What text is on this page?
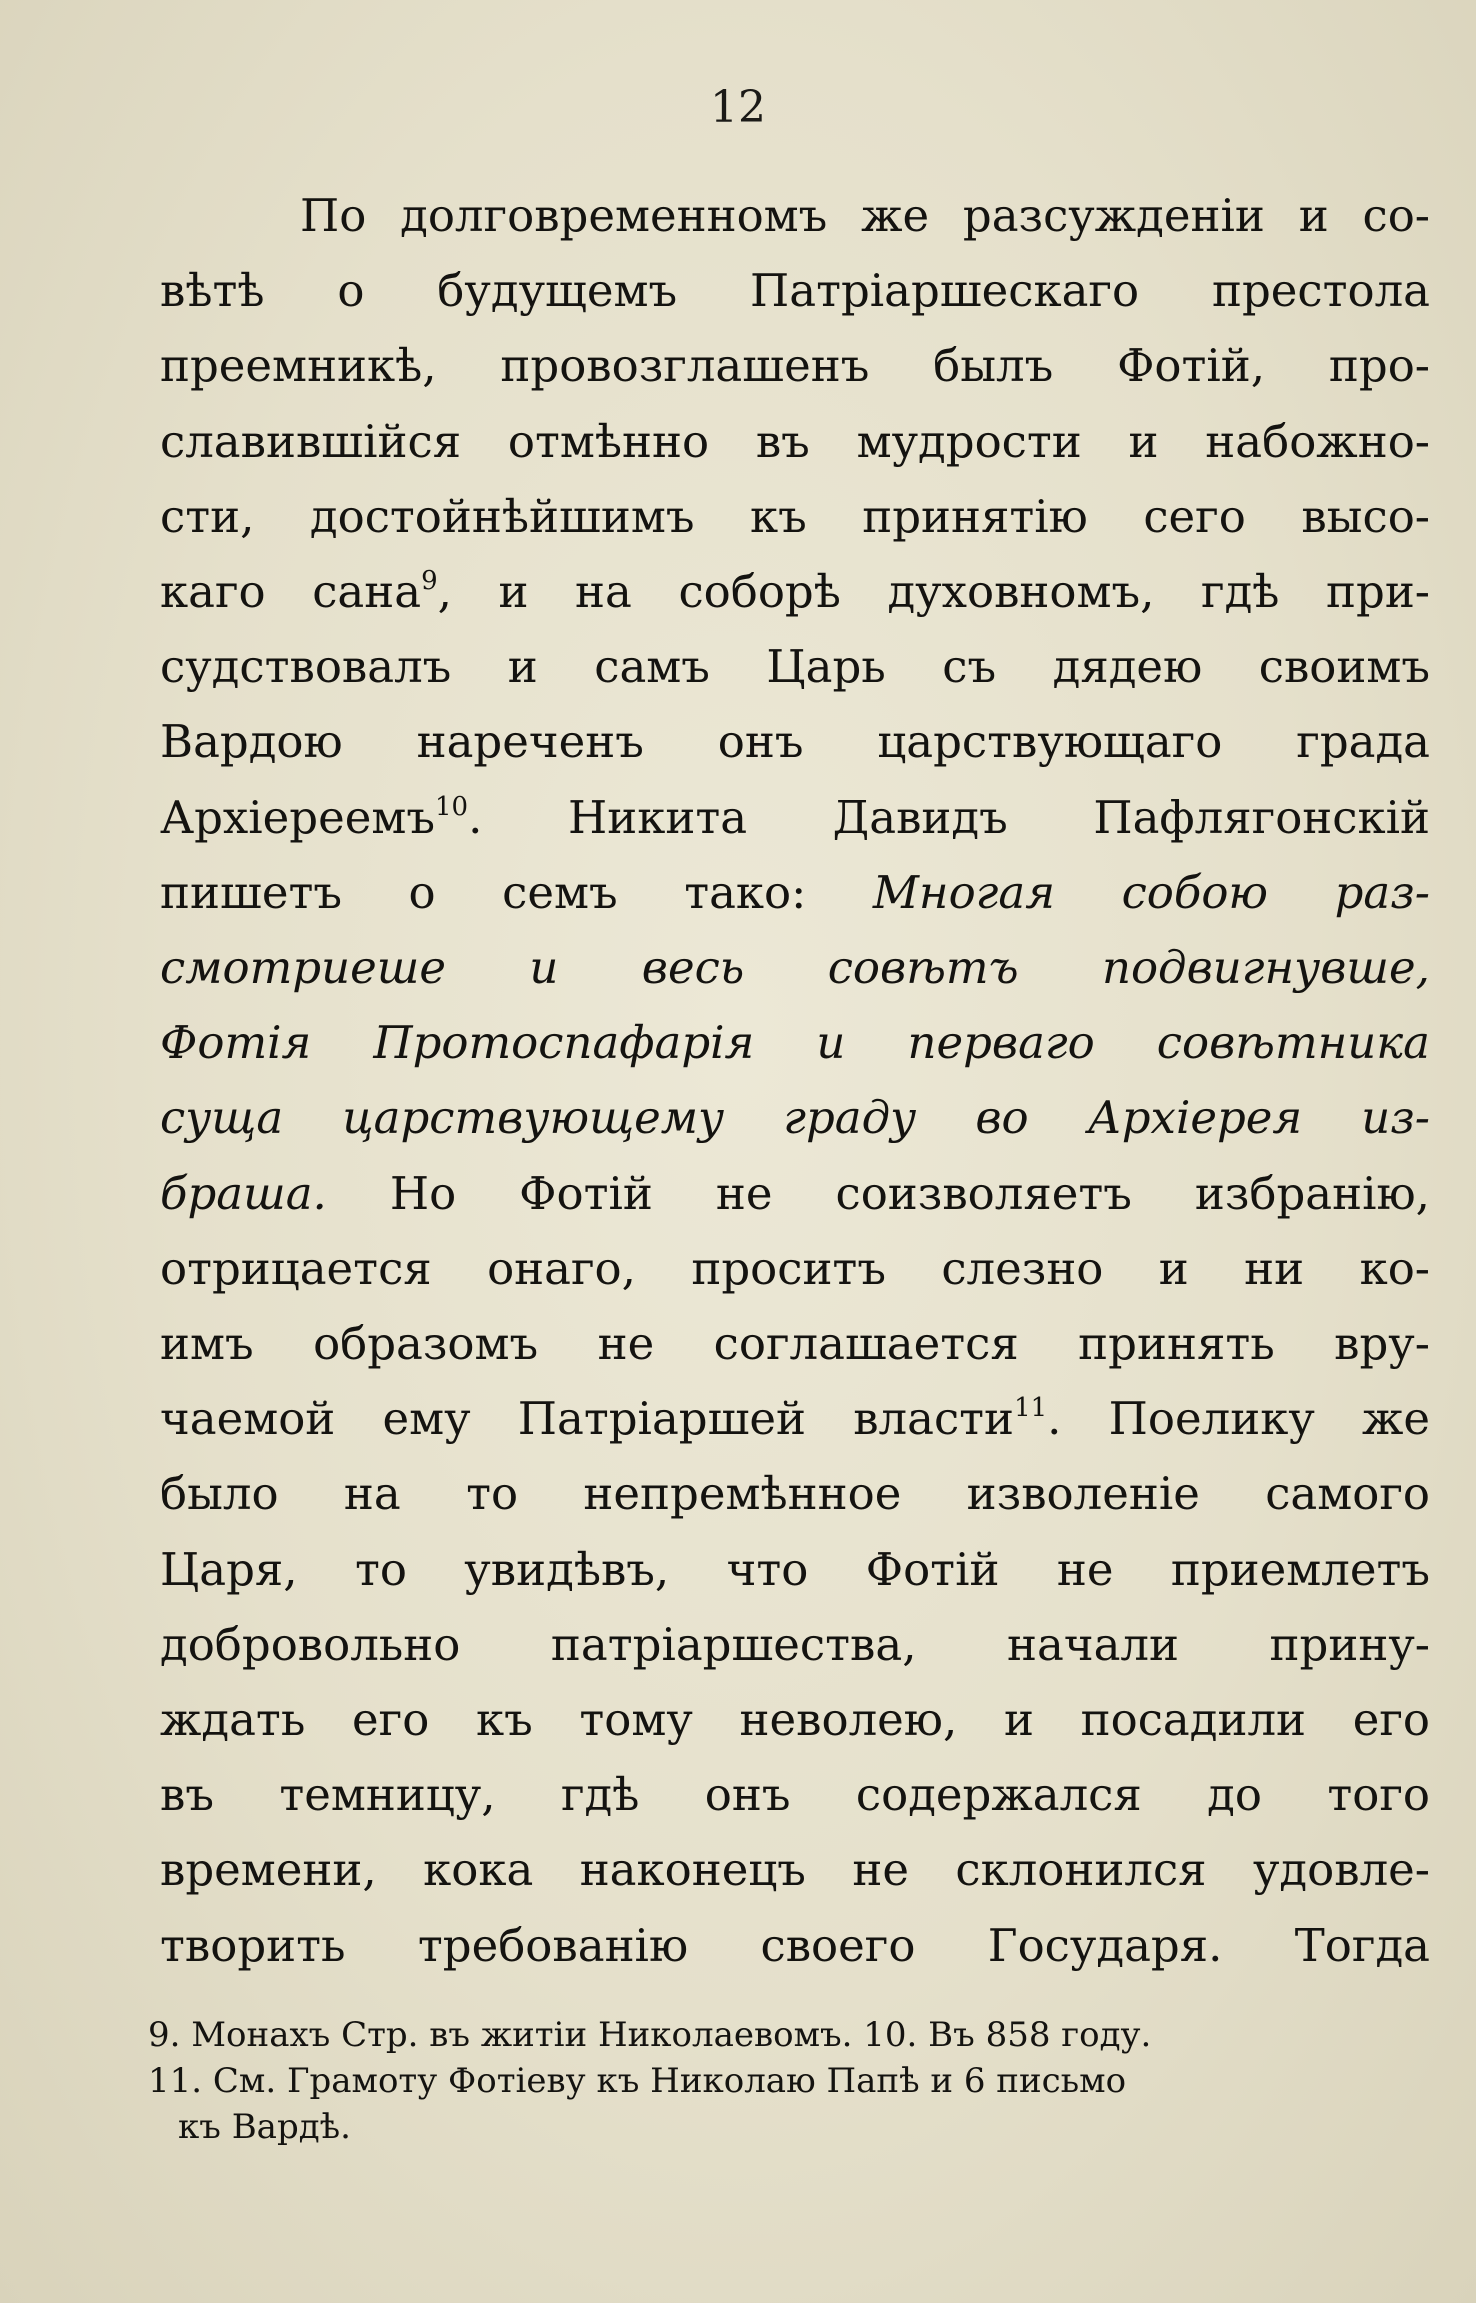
12

По долговременномъ же разсужденіи и со-
вѣтѣ о будущемъ Патріаршескаго престола
преемникѣ, провозглашенъ былъ Фотій, про-
славившійся отмѣнно въ мудрости и набожно-
сти, достойнѣйшимъ къ принятію сего высо-
каго сана$^9$, и на соборѣ духовномъ, гдѣ при-
судствовалъ и самъ Царь съ дядею своимъ
Вардою нареченъ онъ царствующаго града
Архіереемъ$^{10}$. Никита Давидъ Пафлягонскій
пишетъ о семъ тако: Многая собою раз-
смотриеше и весь совѣтъ подвигнувше,
Фотія Протоспафарія и перваго совѣтника
суща царствующему граду во Архіерея из-
браша. Но Фотій не соизволяетъ избранію,
отрицается онаго, проситъ слезно и ни ко-
имъ образомъ не соглашается принять вру-
чаемой ему Патріаршей власти$^{11}$. Поелику же
было на то непремѣнное изволеніе самого
Царя, то увидѣвъ, что Фотій не приемлетъ
добровольно патріаршества, начали прину-
ждать его къ тому неволею, и посадили его
въ темницу, гдѣ онъ содержался до того
времени, кока наконецъ не склонился удовле-
творить требованію своего Государя. Тогда
9. Монахъ Стр. въ житіи Николаевомъ. 10. Въ 858 году.
11. См. Грамоту Фотіеву къ Николаю Папѣ и 6 письмо
къ Вардѣ.
